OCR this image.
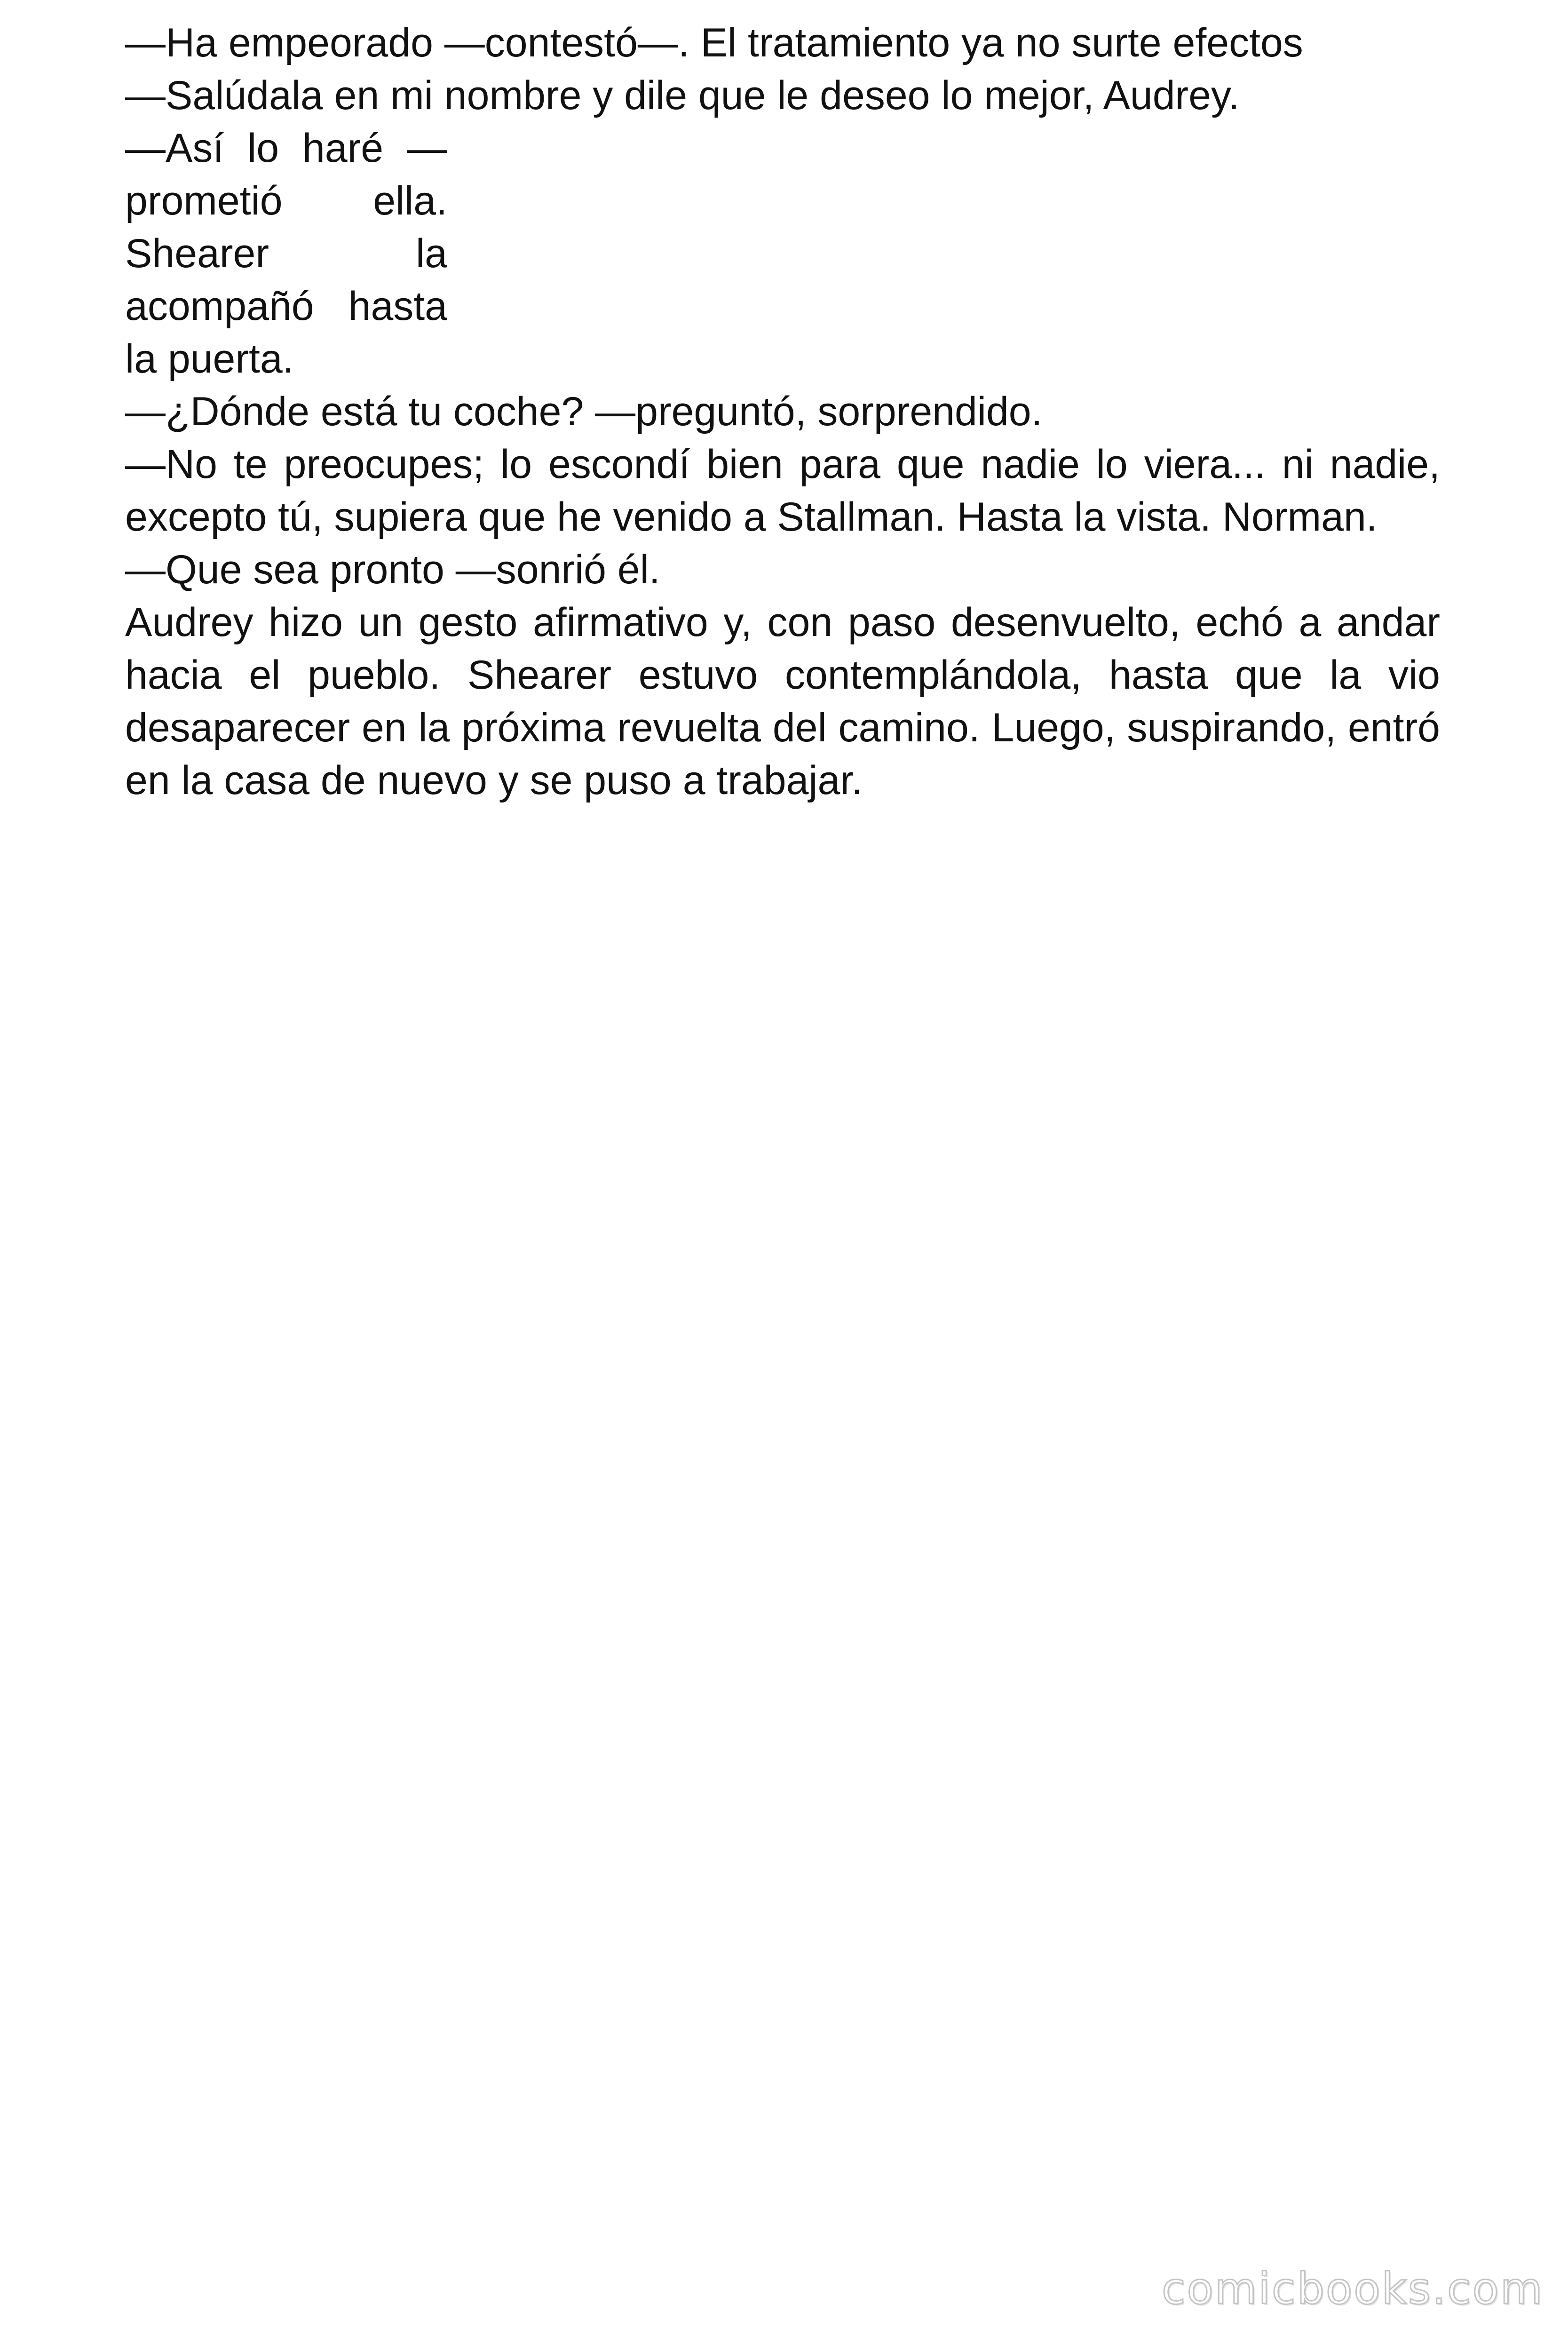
—Ha empeorado —contestó—. El tratamiento ya no surte efectos

—Salúdala en mi nombre y dile que le deseo lo mejor, Audrey.

—Así lo haré —prometió ella. Shearer la acompañó hasta la puerta.

—¿Dónde está tu coche? —preguntó, sorprendido.

—No te preocupes; lo escondí bien para que nadie lo viera... ni nadie, excepto tú, supiera que he venido a Stallman. Hasta la vista. Norman.

—Que sea pronto —sonrió él.

Audrey hizo un gesto afirmativo y, con paso desenvuelto, echó a andar hacia el pueblo. Shearer estuvo contemplándola, hasta que la vio desaparecer en la próxima revuelta del camino. Luego, suspirando, entró en la casa de nuevo y se puso a trabajar.

comicbooks.com
